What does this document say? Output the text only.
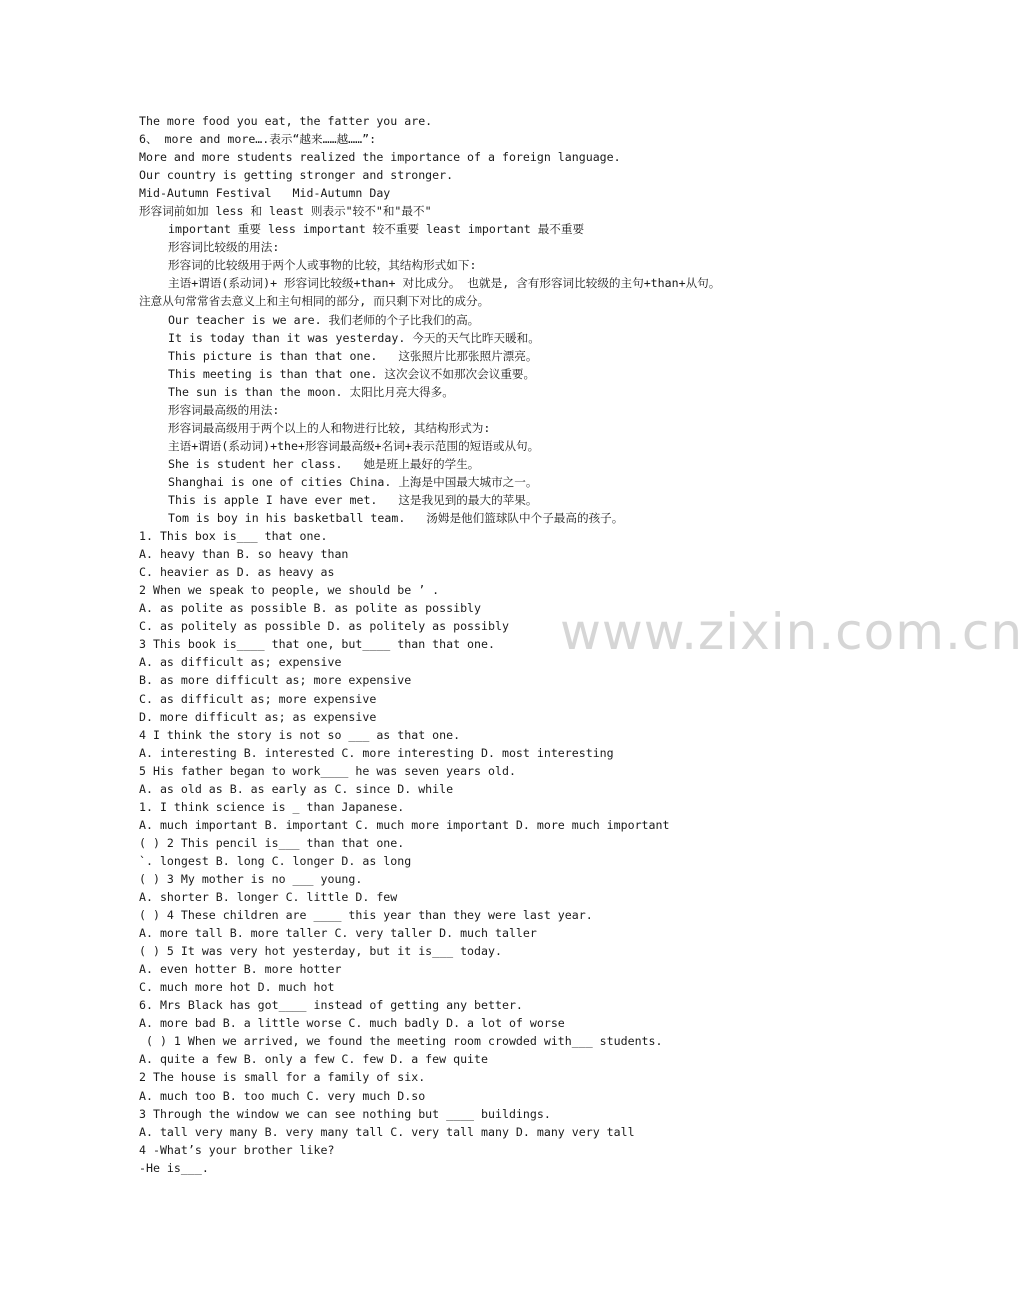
www.zixin.com.cn
The more food you eat, the fatter you are.
6、 more and more….表示“越来……越……”:
More and more students realized the importance of a foreign language.
Our country is getting stronger and stronger.
Mid-Autumn Festival   Mid-Autumn Day
形容词前如加 less 和 least 则表示"较不"和"最不"
important 重要 less important 较不重要 least important 最不重要
形容词比较级的用法:
形容词的比较级用于两个人或事物的比较，其结构形式如下:
主语+谓语(系动词)+ 形容词比较级+than+ 对比成分。 也就是, 含有形容词比较级的主句+than+从句。
注意从句常常省去意义上和主句相同的部分, 而只剩下对比的成分。
Our teacher is we are. 我们老师的个子比我们的高。
It is today than it was yesterday. 今天的天气比昨天暖和。
This picture is than that one.   这张照片比那张照片漂亮。
This meeting is than that one. 这次会议不如那次会议重要。
The sun is than the moon. 太阳比月亮大得多。
形容词最高级的用法:
形容词最高级用于两个以上的人和物进行比较, 其结构形式为:
主语+谓语(系动词)+the+形容词最高级+名词+表示范围的短语或从句。
She is student her class.   她是班上最好的学生。
Shanghai is one of cities China. 上海是中国最大城市之一。
This is apple I have ever met.   这是我见到的最大的苹果。
Tom is boy in his basketball team.   汤姆是他们篮球队中个子最高的孩子。
1. This box is___ that one.
A. heavy than B. so heavy than
C. heavier as D. as heavy as
2 When we speak to people, we should be ’ .
A. as polite as possible B. as polite as possibly
C. as politely as possible D. as politely as possibly
3 This book is____ that one, but____ than that one.
A. as difficult as; expensive
B. as more difficult as; more expensive
C. as difficult as; more expensive
D. more difficult as; as expensive
4 I think the story is not so ___ as that one.
A. interesting B. interested C. more interesting D. most interesting
5 His father began to work____ he was seven years old.
A. as old as B. as early as C. since D. while
1. I think science is _ than Japanese.
A. much important B. important C. much more important D. more much important
( ) 2 This pencil is___ than that one.
`. longest B. long C. longer D. as long
( ) 3 My mother is no ___ young.
A. shorter B. longer C. little D. few
( ) 4 These children are ____ this year than they were last year.
A. more tall B. more taller C. very taller D. much taller
( ) 5 It was very hot yesterday, but it is___ today.
A. even hotter B. more hotter
C. much more hot D. much hot
6. Mrs Black has got____ instead of getting any better.
A. more bad B. a little worse C. much badly D. a lot of worse
( ) 1 When we arrived, we found the meeting room crowded with___ students.
A. quite a few B. only a few C. few D. a few quite
2 The house is small for a family of six.
A. much too B. too much C. very much D.so
3 Through the window we can see nothing but ____ buildings.
A. tall very many B. very many tall C. very tall many D. many very tall
4 -What’s your brother like?
-He is___.
